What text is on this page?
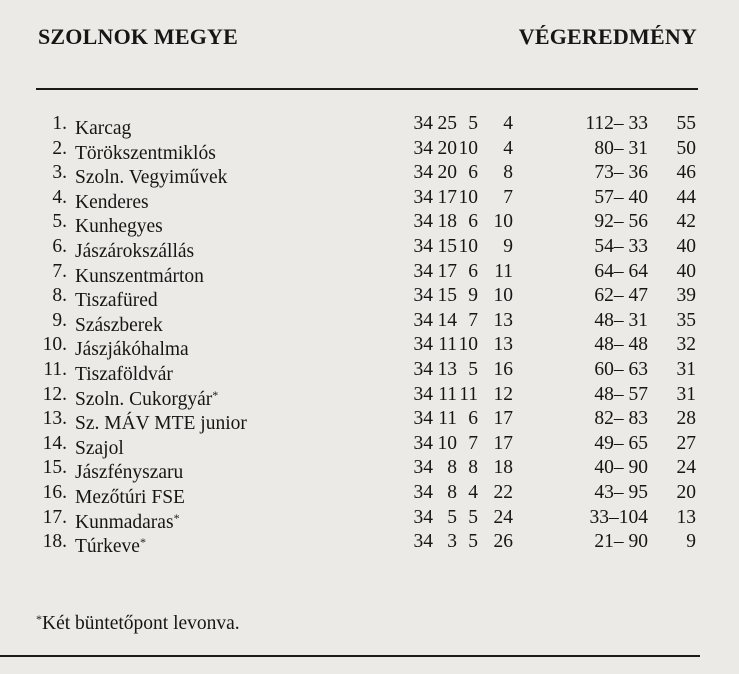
SZOLNOK MEGYE	VÉGEREDMÉNY
1. Karcag	34 25 5 4	112– 33 55
2. Törökszentmiklós	34 20 10 4	80– 31 50
3. Szoln. Vegyiművek	34 20 6 8	73– 36 46
4. Kenderes	34 17 10 7	57– 40 44
5. Kunhegyes	34 18 6 10	92– 56 42
6. Jászárokszállás	34 15 10 9	54– 33 40
7. Kunszentmárton	34 17 6 11	64– 64 40
8. Tiszafüred	34 15 9 10	62– 47 39
9. Szászberek	34 14 7 13	48– 31 35
10. Jászjákóhalma	34 11 10 13	48– 48 32
11. Tiszaföldvár	34 13 5 16	60– 63 31
12. Szoln. Cukorgyár*	34 11 11 12	48– 57 31
13. Sz. MÁV MTE junior	34 11 6 17	82– 83 28
14. Szajol	34 10 7 17	49– 65 27
15. Jászfényszaru	34 8 8 18	40– 90 24
16. Mezőtúri FSE	34 8 4 22	43– 95 20
17. Kunmadaras*	34 5 5 24	33–104 13
18. Túrkeve*	34 3 5 26	21– 90 9
*Két büntetőpont levonva.
